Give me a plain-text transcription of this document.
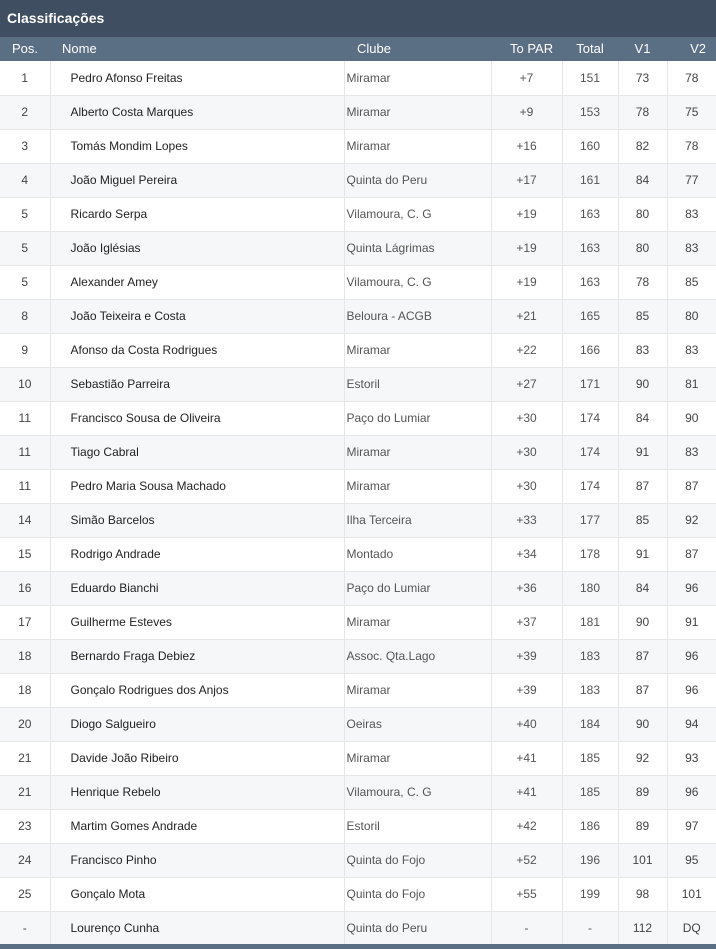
Classificações
Pos.	Nome	Clube	To PAR	Total	V1	V2
1	Pedro Afonso Freitas	Miramar	+7	151	73	78
2	Alberto Costa Marques	Miramar	+9	153	78	75
3	Tomás Mondim Lopes	Miramar	+16	160	82	78
4	João Miguel Pereira	Quinta do Peru	+17	161	84	77
5	Ricardo Serpa	Vilamoura, C. G	+19	163	80	83
5	João Iglésias	Quinta Lágrimas	+19	163	80	83
5	Alexander Amey	Vilamoura, C. G	+19	163	78	85
8	João Teixeira e Costa	Beloura - ACGB	+21	165	85	80
9	Afonso da Costa Rodrigues	Miramar	+22	166	83	83
10	Sebastião Parreira	Estoril	+27	171	90	81
11	Francisco Sousa de Oliveira	Paço do Lumiar	+30	174	84	90
11	Tiago Cabral	Miramar	+30	174	91	83
11	Pedro Maria Sousa Machado	Miramar	+30	174	87	87
14	Simão Barcelos	Ilha Terceira	+33	177	85	92
15	Rodrigo Andrade	Montado	+34	178	91	87
16	Eduardo Bianchi	Paço do Lumiar	+36	180	84	96
17	Guilherme Esteves	Miramar	+37	181	90	91
18	Bernardo Fraga Debiez	Assoc. Qta.Lago	+39	183	87	96
18	Gonçalo Rodrigues dos Anjos	Miramar	+39	183	87	96
20	Diogo Salgueiro	Oeiras	+40	184	90	94
21	Davide João Ribeiro	Miramar	+41	185	92	93
21	Henrique Rebelo	Vilamoura, C. G	+41	185	89	96
23	Martim Gomes Andrade	Estoril	+42	186	89	97
24	Francisco Pinho	Quinta do Fojo	+52	196	101	95
25	Gonçalo Mota	Quinta do Fojo	+55	199	98	101
-	Lourenço Cunha	Quinta do Peru	-	-	112	DQ
